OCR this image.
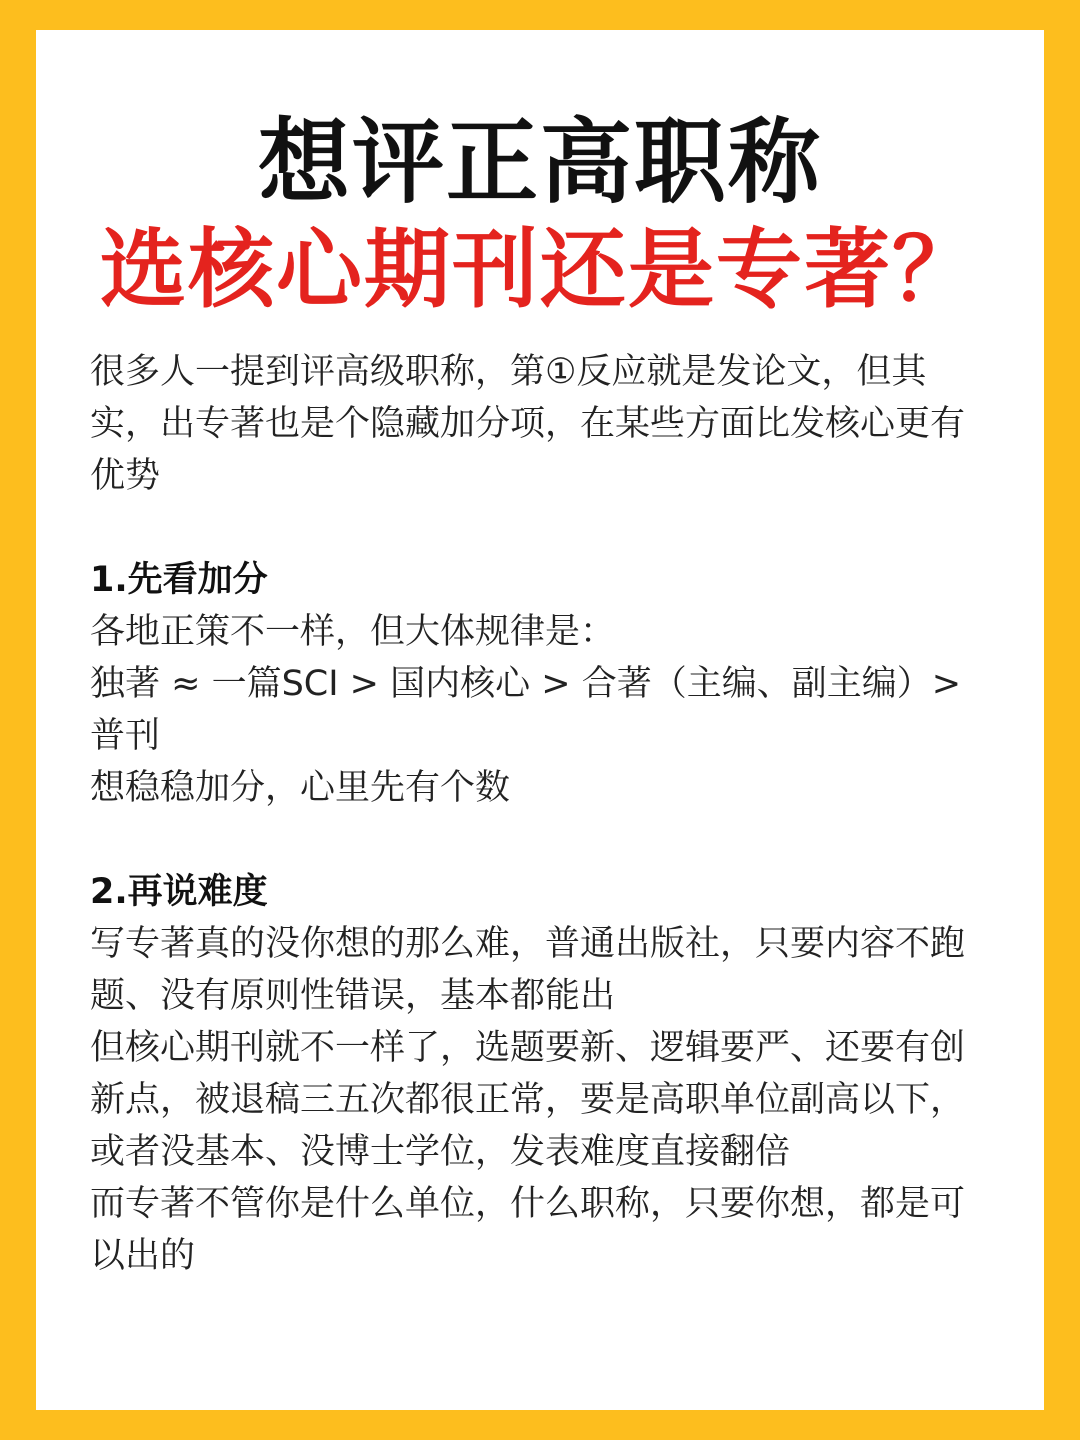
想评正高职称
选核心期刊还是专著？

很多人一提到评高级职称，第①反应就是发论文，但其实，出专著也是个隐藏加分项，在某些方面比发核心更有优势

1.先看加分

各地正策不一样，但大体规律是：

独著 ≈ 一篇SCI > 国内核心 > 合著（主编、副主编）> 普刊

想稳稳加分，心里先有个数

2.再说难度

写专著真的没你想的那么难，普通出版社，只要内容不跑题、没有原则性错误，基本都能出

但核心期刊就不一样了，选题要新、逻辑要严、还要有创新点，被退稿三五次都很正常，要是高职单位副高以下，或者没基本、没博士学位，发表难度直接翻倍

而专著不管你是什么单位，什么职称，只要你想，都是可以出的
